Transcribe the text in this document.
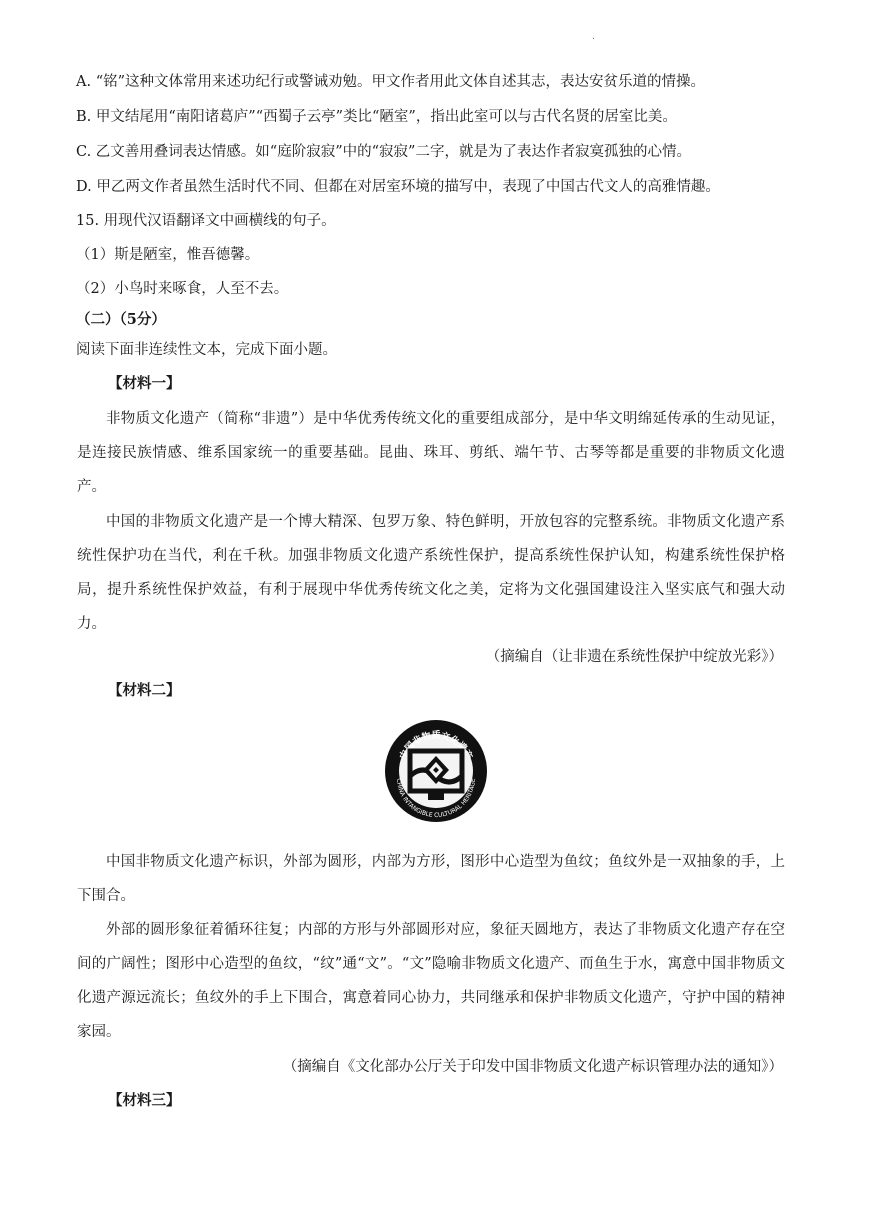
.
A. “铭”这种文体常用来述功纪行或警诫劝勉。甲文作者用此文体自述其志，表达安贫乐道的情操。
B. 甲文结尾用“南阳诸葛庐”“西蜀子云亭”类比“陋室”，指出此室可以与古代名贤的居室比美。
C. 乙文善用叠词表达情感。如“庭阶寂寂”中的“寂寂”二字，就是为了表达作者寂寞孤独的心情。
D. 甲乙两文作者虽然生活时代不同、但都在对居室环境的描写中，表现了中国古代文人的高雅情趣。
15. 用现代汉语翻译文中画横线的句子。
（1）斯是陋室，惟吾德馨。
（2）小鸟时来啄食，人至不去。
（二）（5分）
阅读下面非连续性文本，完成下面小题。
【材料一】
非物质文化遗产（简称“非遗”）是中华优秀传统文化的重要组成部分，是中华文明绵延传承的生动见证，是连接民族情感、维系国家统一的重要基础。昆曲、珠耳、剪纸、端午节、古琴等都是重要的非物质文化遗产。
中国的非物质文化遗产是一个博大精深、包罗万象、特色鲜明，开放包容的完整系统。非物质文化遗产系统性保护功在当代，利在千秋。加强非物质文化遗产系统性保护，提高系统性保护认知，构建系统性保护格局，提升系统性保护效益，有利于展现中华优秀传统文化之美，定将为文化强国建设注入坚实底气和强大动力。
（摘编自（让非遗在系统性保护中绽放光彩》）
【材料二】
中国非物质文化遗产
CHINA INTANGIBLE CULTURAL HERITAGE
中国非物质文化遗产标识，外部为圆形，内部为方形，图形中心造型为鱼纹；鱼纹外是一双抽象的手，上下围合。
外部的圆形象征着循环往复；内部的方形与外部圆形对应，象征天圆地方，表达了非物质文化遗产存在空间的广阔性；图形中心造型的鱼纹，“纹”通“文”。“文”隐喻非物质文化遗产、而鱼生于水，寓意中国非物质文化遗产源远流长；鱼纹外的手上下围合，寓意着同心协力，共同继承和保护非物质文化遗产，守护中国的精神家园。
（摘编自《文化部办公厅关于印发中国非物质文化遗产标识管理办法的通知》）
【材料三】
